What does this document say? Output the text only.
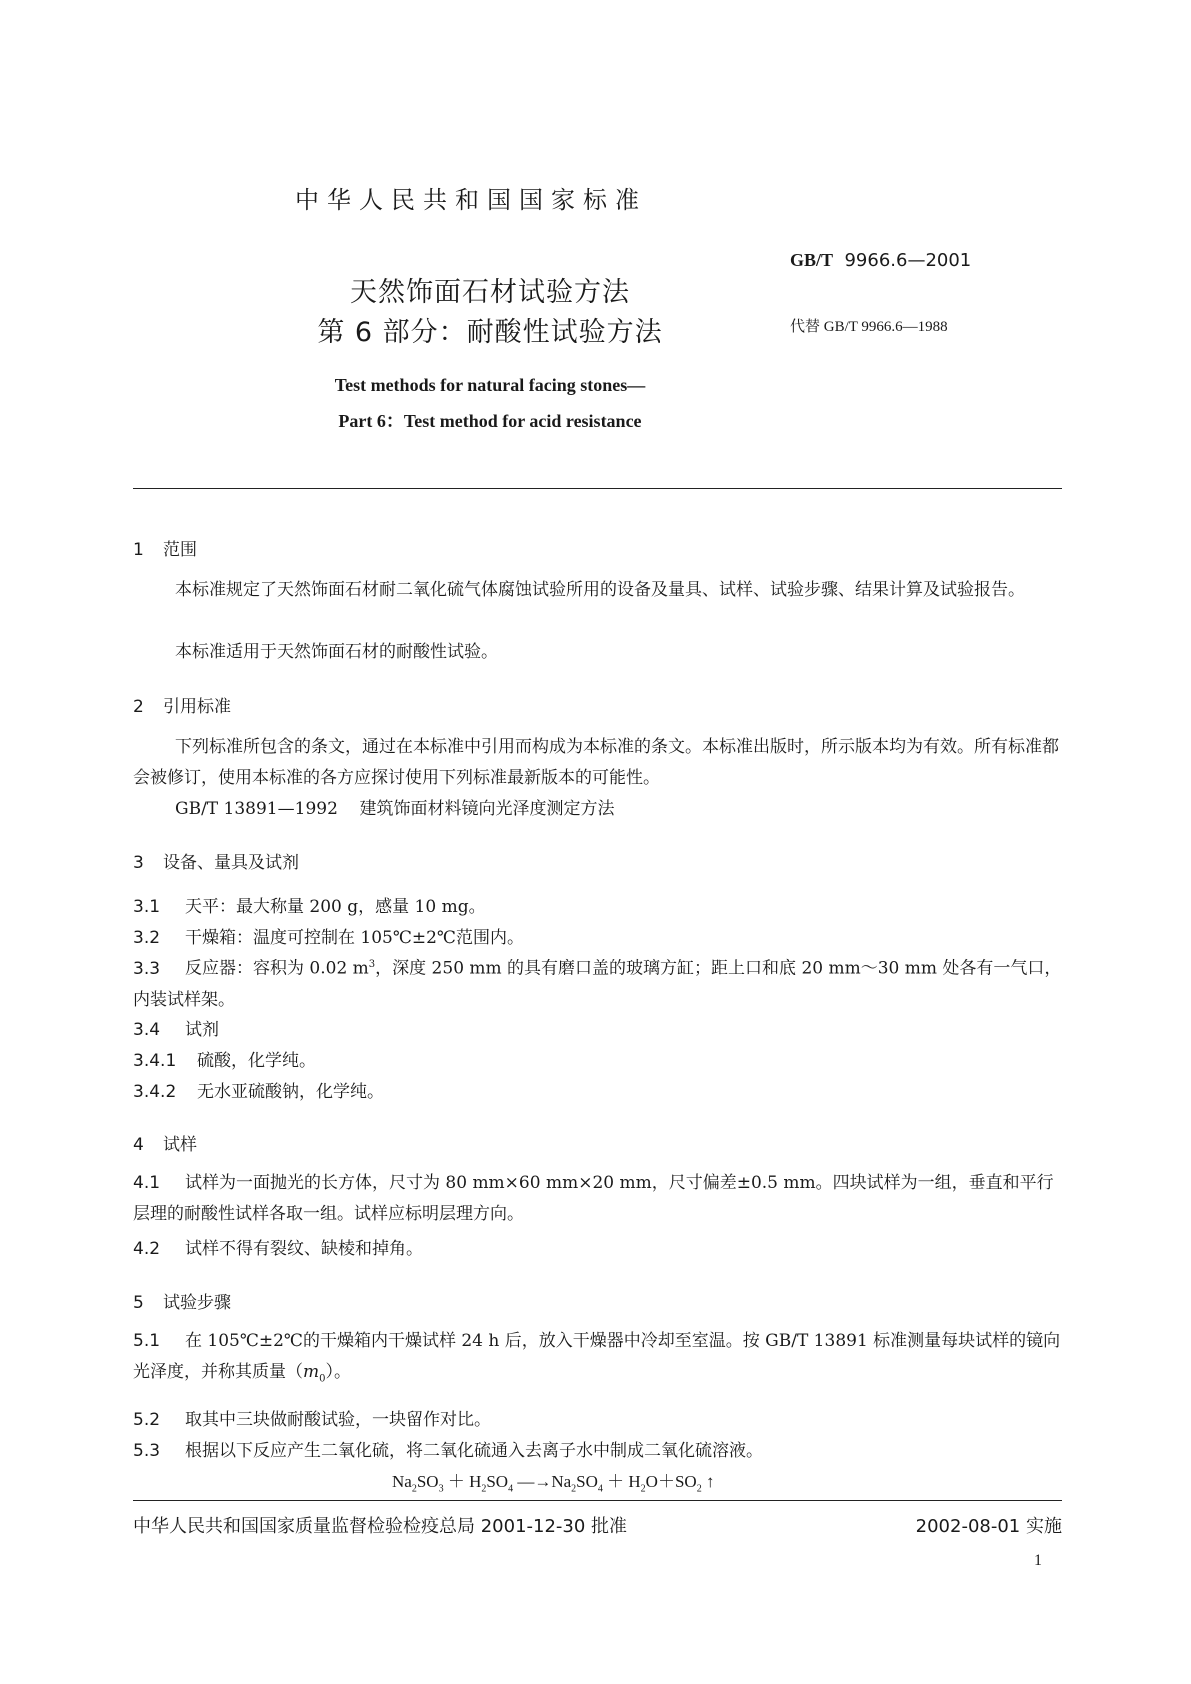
中华人民共和国国家标准
GB/T 9966.6—2001
天然饰面石材试验方法
代替 GB/T 9966.6—1988
第 6 部分：耐酸性试验方法
Test methods for natural facing stones—
Part 6：Test method for acid resistance
1 范围
本标准规定了天然饰面石材耐二氧化硫气体腐蚀试验所用的设备及量具、试样、试验步骤、结果计算及试验报告。
本标准适用于天然饰面石材的耐酸性试验。
2 引用标准
下列标准所包含的条文，通过在本标准中引用而构成为本标准的条文。本标准出版时，所示版本均为有效。所有标准都会被修订，使用本标准的各方应探讨使用下列标准最新版本的可能性。
GB/T 13891—1992 建筑饰面材料镜向光泽度测定方法
3 设备、量具及试剂
3.1 天平：最大称量 200 g，感量 10 mg。
3.2 干燥箱：温度可控制在 105℃±2℃范围内。
3.3 反应器：容积为 0.02 $m^3$，深度 250 mm 的具有磨口盖的玻璃方缸；距上口和底 20 mm～30 mm 处各有一气口，内装试样架。
3.4 试剂
3.4.1 硫酸，化学纯。
3.4.2 无水亚硫酸钠，化学纯。
4 试样
4.1 试样为一面抛光的长方体，尺寸为 80 mm×60 mm×20 mm，尺寸偏差±0.5 mm。四块试样为一组，垂直和平行层理的耐酸性试样各取一组。试样应标明层理方向。
4.2 试样不得有裂纹、缺棱和掉角。
5 试验步骤
5.1 在 105℃±2℃的干燥箱内干燥试样 24 h 后，放入干燥器中冷却至室温。按 GB/T 13891 标准测量每块试样的镜向光泽度，并称其质量$(m_0)$。
5.2 取其中三块做耐酸试验，一块留作对比。
5.3 根据以下反应产生二氧化硫，将二氧化硫通入去离子水中制成二氧化硫溶液。
$Na_2SO_3 + H_2SO_4$ $—\to Na_2SO_4 + H_2O+SO_2$ ↑
中华人民共和国国家质量监督检验检疫总局 2001-12-30 批准	2002-08-01 实施
1
